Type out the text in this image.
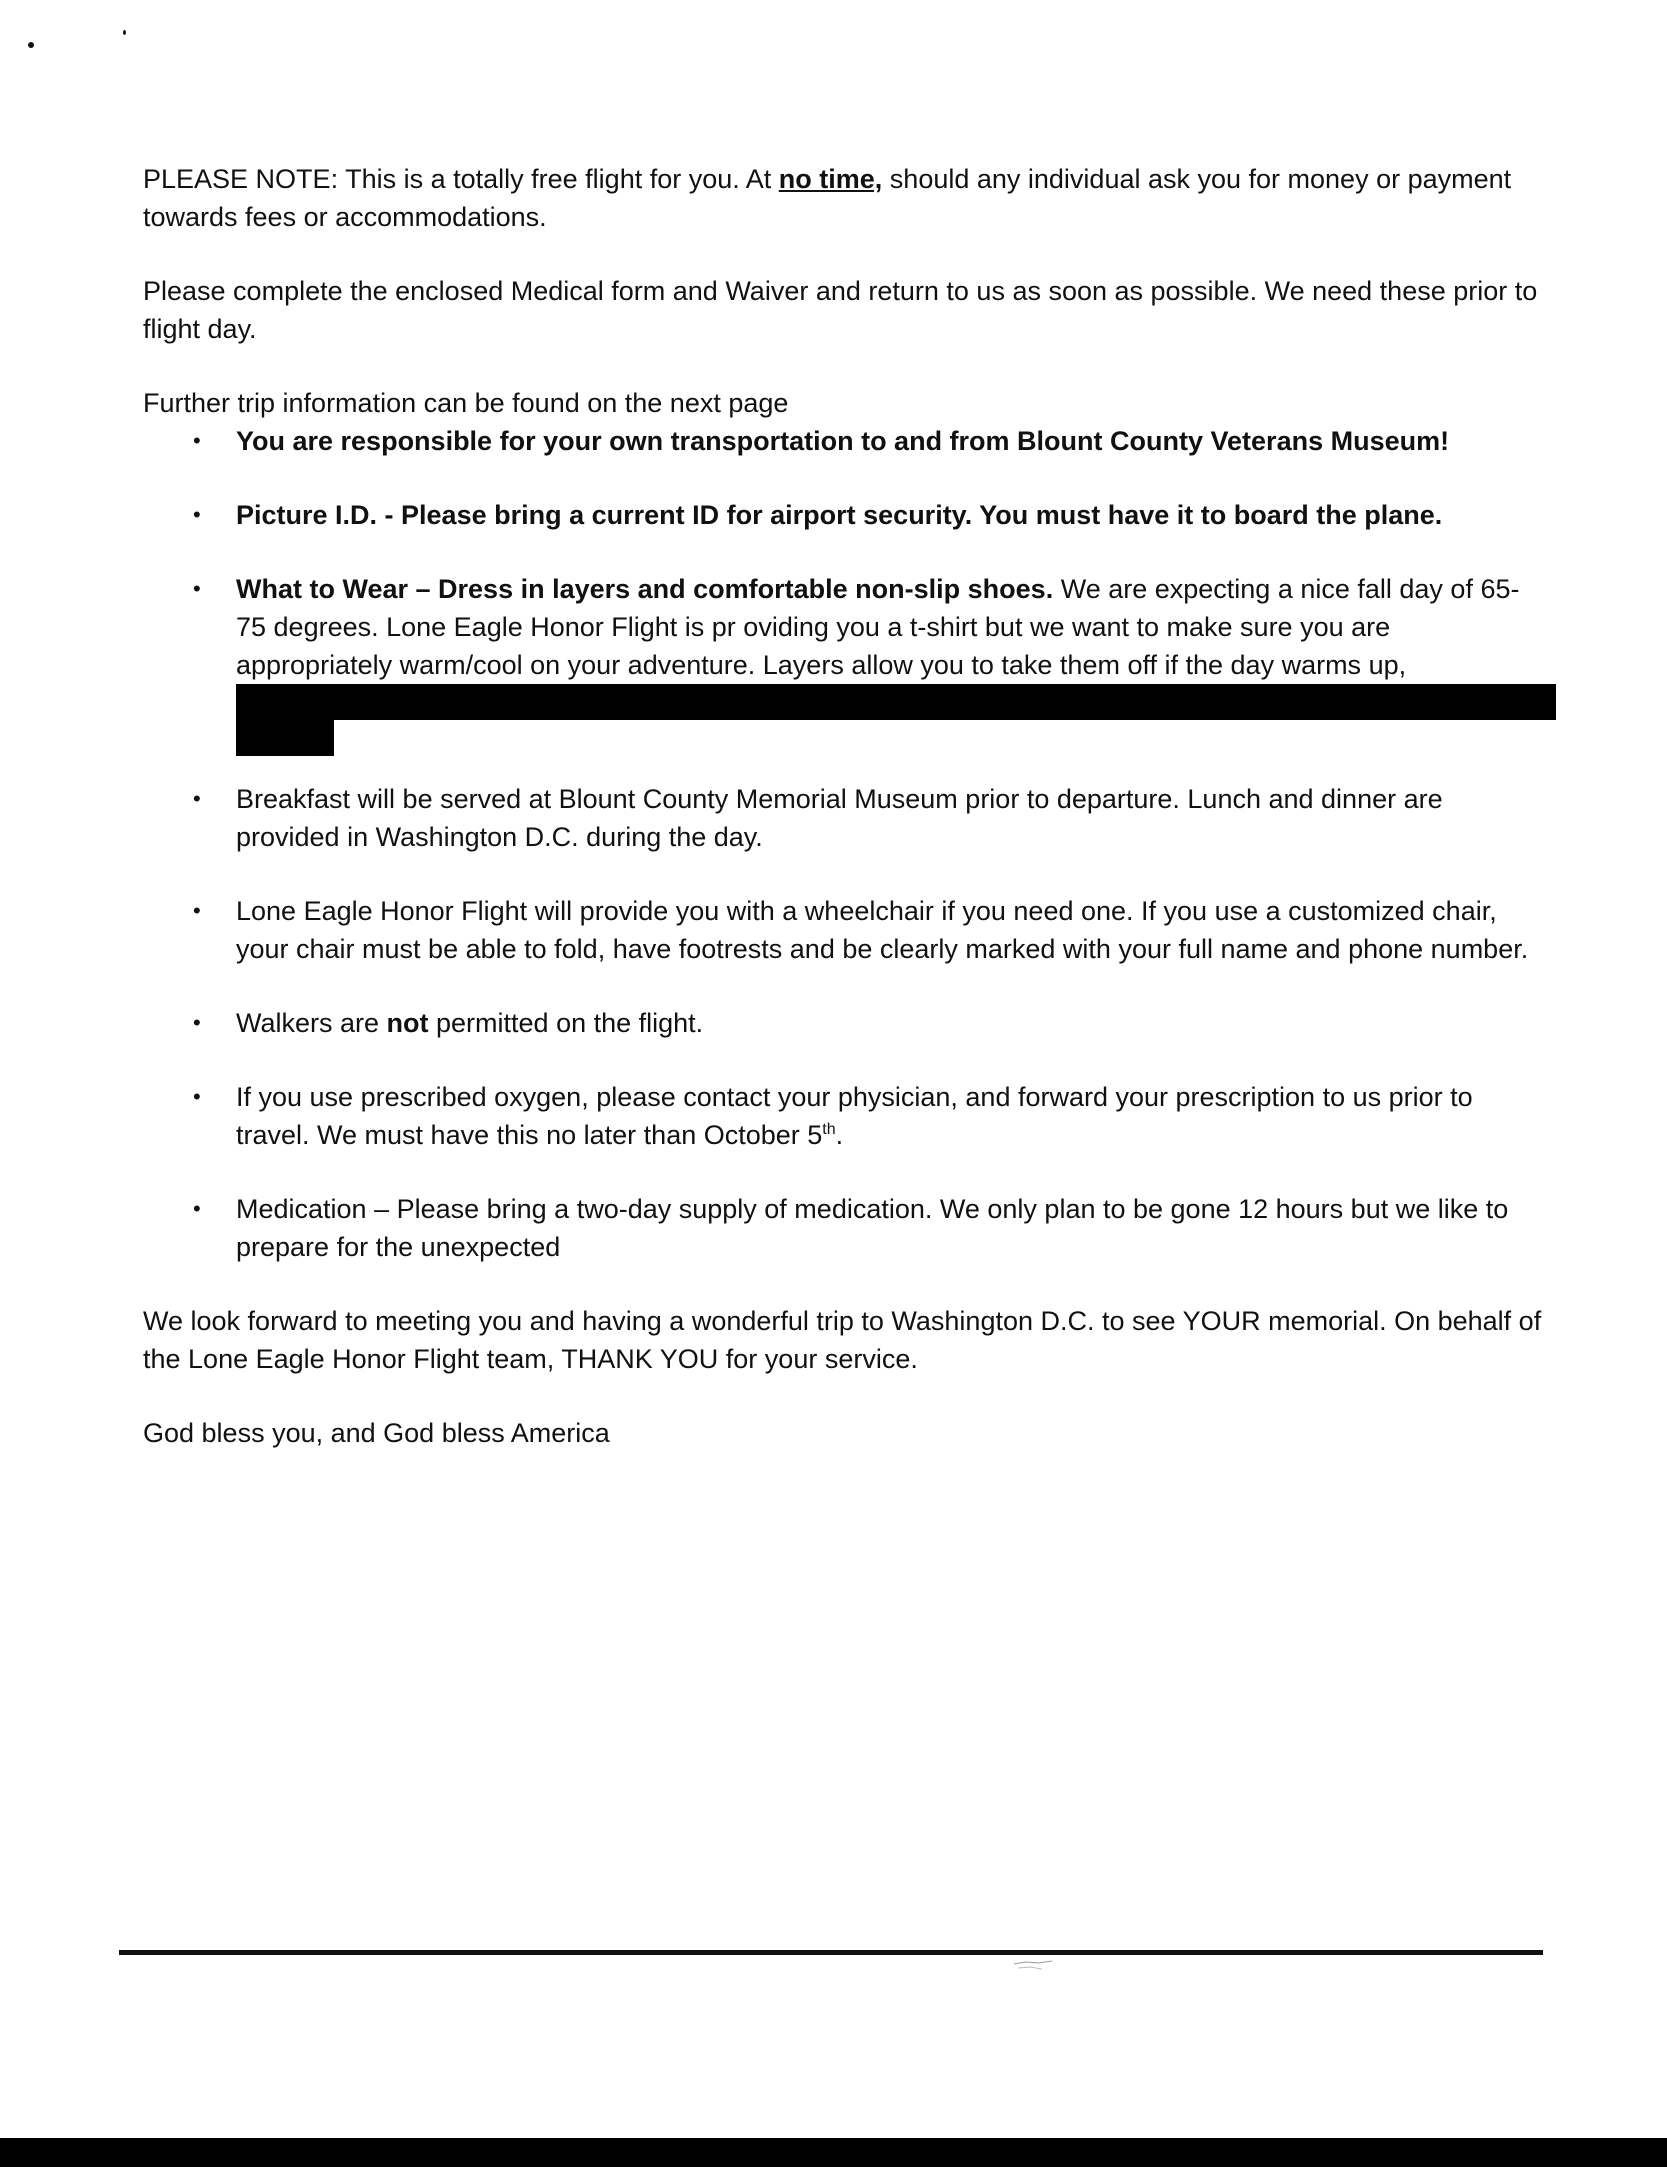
PLEASE NOTE: This is a totally free flight for you. At no time, should any individual ask you for money or payment towards fees or accommodations.

Please complete the enclosed Medical form and Waiver and return to us as soon as possible. We need these prior to flight day.

Further trip information can be found on the next page

• You are responsible for your own transportation to and from Blount County Veterans Museum!
• Picture I.D. - Please bring a current ID for airport security. You must have it to board the plane.
• What to Wear – Dress in layers and comfortable non-slip shoes. We are expecting a nice fall day of 65-75 degrees. Lone Eagle Honor Flight is pr oviding you a t-shirt but we want to make sure you are appropriately warm/cool on your adventure. Layers allow you to take them off if the day warms up,
• Breakfast will be served at Blount County Memorial Museum prior to departure. Lunch and dinner are provided in Washington D.C. during the day.
• Lone Eagle Honor Flight will provide you with a wheelchair if you need one. If you use a customized chair, your chair must be able to fold, have footrests and be clearly marked with your full name and phone number.
• Walkers are not permitted on the flight.
• If you use prescribed oxygen, please contact your physician, and forward your prescription to us prior to travel. We must have this no later than October 5th.
• Medication – Please bring a two-day supply of medication. We only plan to be gone 12 hours but we like to prepare for the unexpected

We look forward to meeting you and having a wonderful trip to Washington D.C. to see YOUR memorial. On behalf of the Lone Eagle Honor Flight team, THANK YOU for your service.

God bless you, and God bless America
